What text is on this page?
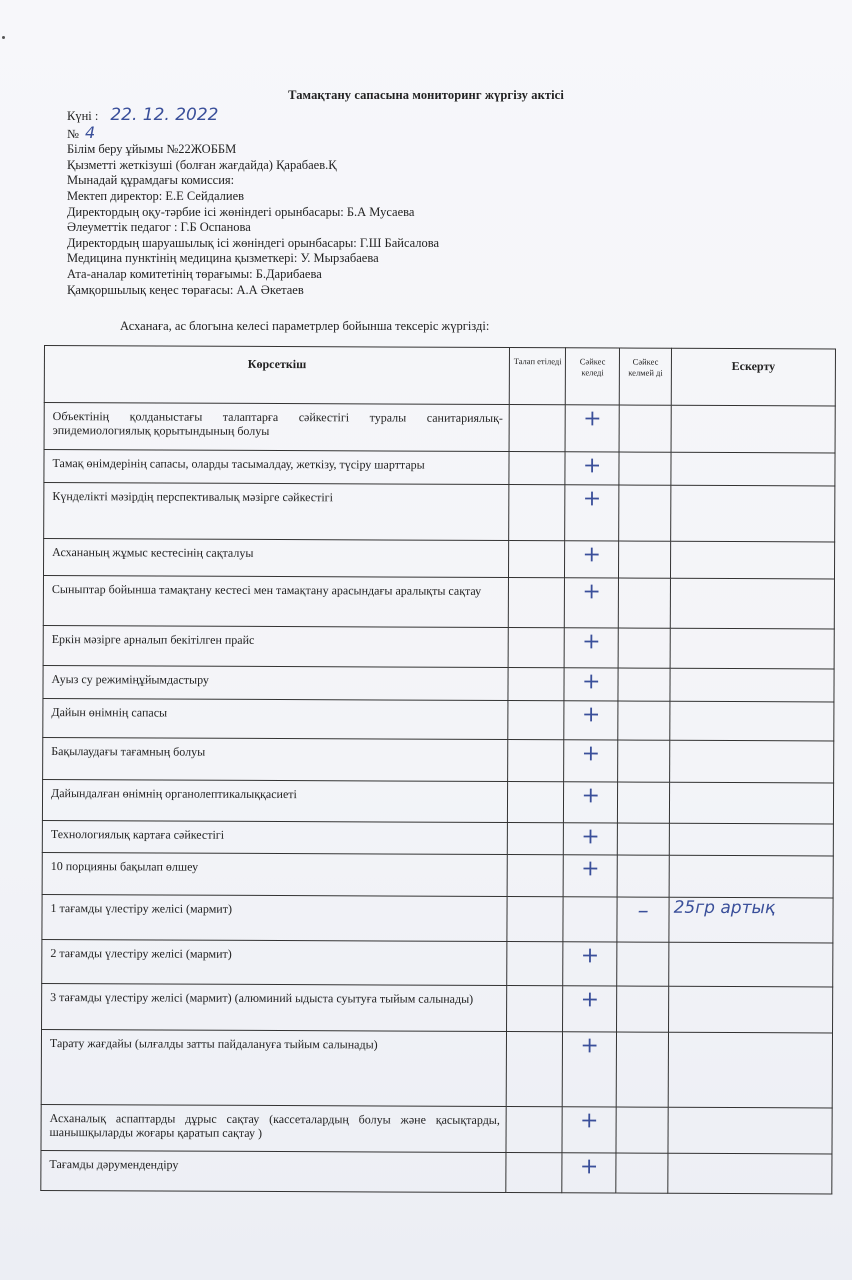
Тамақтану сапасына мониторинг жүргізу актісі
Күні : 22. 12. 2022
№ 4
Білім беру ұйымы №22ЖОББМ
Қызметті жеткізуші (болған жағдайда) Қарабаев.Қ
Мынадай құрамдағы комиссия:
Мектеп директор: Е.Е Сейдалиев
Директордың оқу-тәрбие ісі жөніндегі орынбасары: Б.А Мусаева
Әлеуметтік педагог : Г.Б Оспанова
Директордың шаруашылық ісі жөніндегі орынбасары: Г.Ш Байсалова
Медицина пунктінің медицина қызметкері: У. Мырзабаева
Ата-аналар комитетінің төрағымы: Б.Дарибаева
Қамқоршылық кеңес төрағасы: А.А Әкетаев
Асханаға, ас блогына келесі параметрлер бойынша тексеріс жүргізді:
Көрсеткіш	Талап етіледі	Сәйкес келеді	Сәйкес келмей ді	Ескерту
Объектінің қолданыстағы талаптарға сәйкестігі туралы санитариялық-эпидемиологиялық қорытындының болуы		+		
Тамақ өнімдерінің сапасы, оларды тасымалдау, жеткізу, түсіру шарттары		+		
Күнделікті мәзірдің перспективалық мәзірге сәйкестігі		+		
Асхананың жұмыс кестесінің сақталуы		+		
Сыныптар бойынша тамақтану кестесі мен тамақтану арасындағы аралықты сақтау		+		
Еркін мәзірге арналып бекітілген прайс		+		
Ауыз су режиміңұйымдастыру		+		
Дайын өнімнің сапасы		+		
Бақылаудағы тағамның болуы		+		
Дайындалған өнімнің органолептикалыққасиеті		+		
Технологиялық картаға сәйкестігі		+		
10 порцияны бақылап өлшеу		+		
1 тағамды үлестіру желісі (мармит)			–	25гр артық
2 тағамды үлестіру желісі (мармит)		+		
3 тағамды үлестіру желісі (мармит) (алюминий ыдыста суытуға тыйым салынады)		+		
Тарату жағдайы (ылғалды затты пайдалануға тыйым салынады)		+		
Асханалық аспаптарды дұрыс сақтау (кассеталардың болуы және қасықтарды, шанышқыларды жоғары қаратып сақтау )		+		
Тағамды дәрумендендіру		+		
